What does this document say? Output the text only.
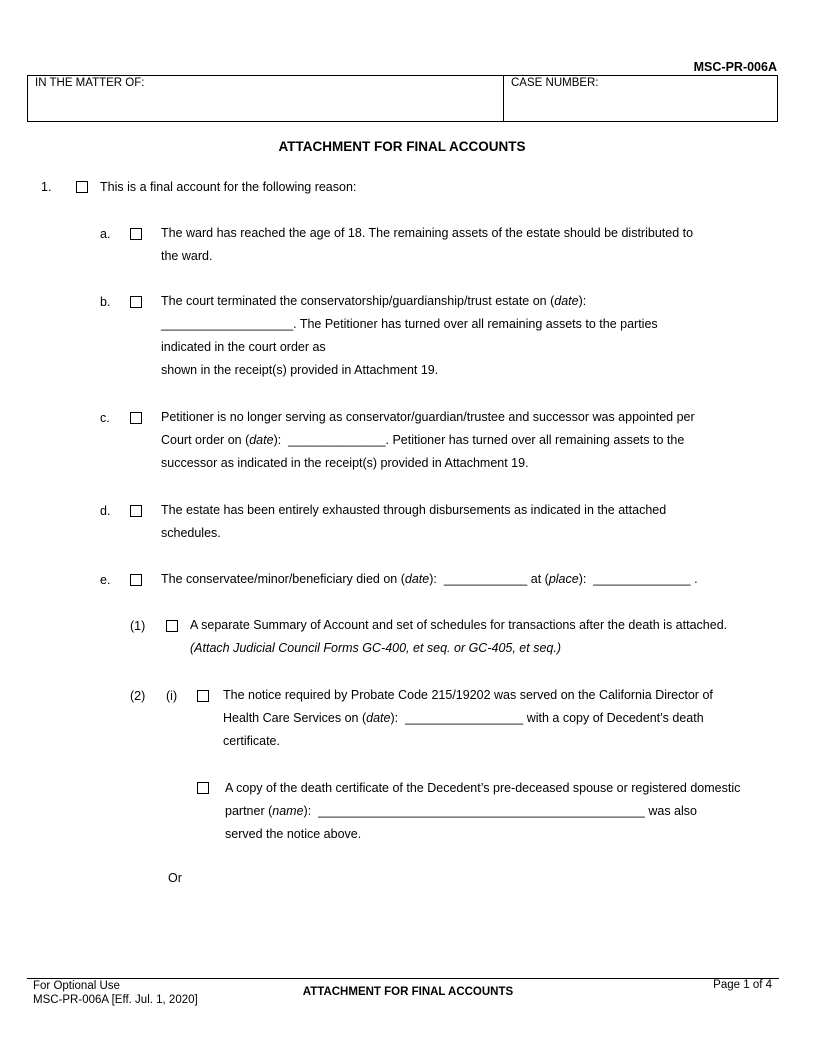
MSC-PR-006A
IN THE MATTER OF:	CASE NUMBER:
ATTACHMENT FOR FINAL ACCOUNTS
1.	This is a final account for the following reason:
a.	The ward has reached the age of 18. The remaining assets of the estate should be distributed to
the ward.
b.	The court terminated the conservatorship/guardianship/trust estate on (date):
___________________. The Petitioner has turned over all remaining assets to the parties
indicated in the court order as
shown in the receipt(s) provided in Attachment 19.
c.	Petitioner is no longer serving as conservator/guardian/trustee and successor was appointed per
Court order on (date):  ______________. Petitioner has turned over all remaining assets to the
successor as indicated in the receipt(s) provided in Attachment 19.
d.	The estate has been entirely exhausted through disbursements as indicated in the attached
schedules.
e.	The conservatee/minor/beneficiary died on (date):  ____________ at (place):  ______________ .
(1)	A separate Summary of Account and set of schedules for transactions after the death is attached.
(Attach Judicial Council Forms GC-400, et seq. or GC-405, et seq.)
(2) (i)	The notice required by Probate Code 215/19202 was served on the California Director of
Health Care Services on (date):  _________________ with a copy of Decedent’s death
certificate.
A copy of the death certificate of the Decedent’s pre-deceased spouse or registered domestic
partner (name):  _______________________________________________ was also
served the notice above.
Or
For Optional Use
MSC-PR-006A [Eff. Jul. 1, 2020]
ATTACHMENT FOR FINAL ACCOUNTS
Page 1 of 4
